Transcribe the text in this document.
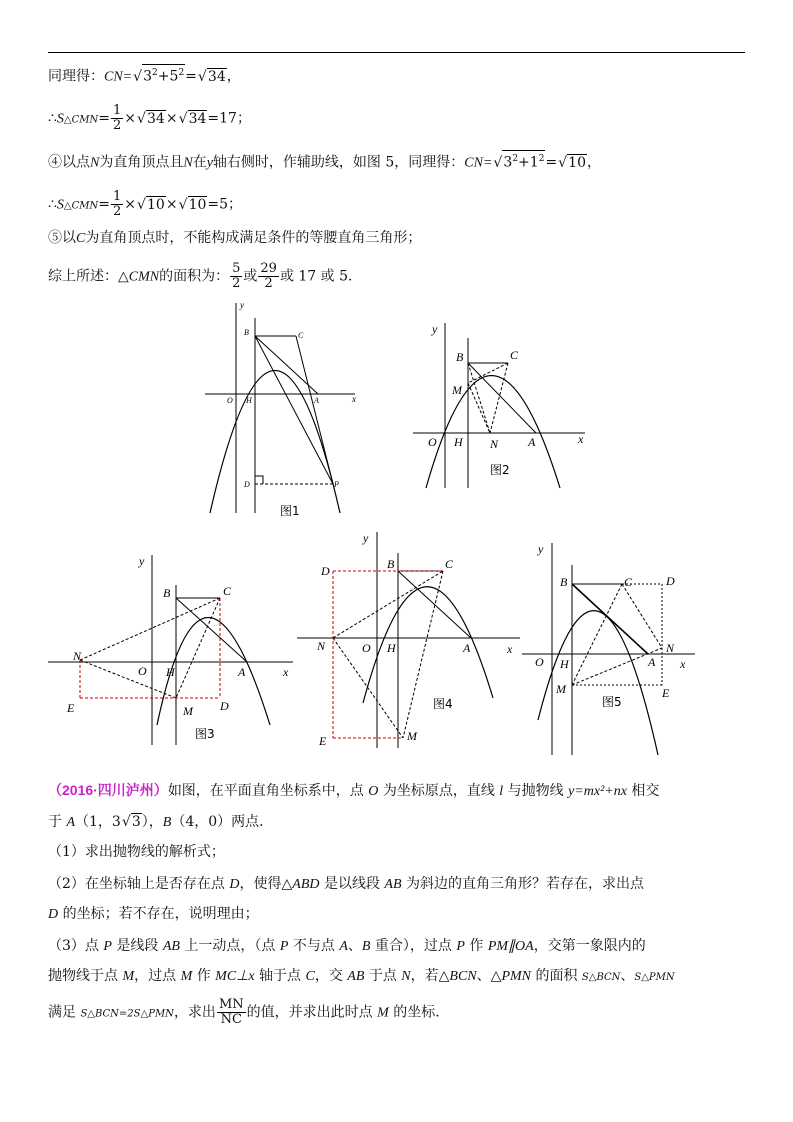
同理得：CN= √ $3^2+5^2=$ √ 34，
∴S△CMN= $\frac{1}{2}$ × √ 34× √ 34=17；
④以点N为直角顶点且N在y轴右侧时，作辅助线，如图 5，同理得：CN= √ $3^2+1^2=$ √ 10，
∴S△CMN= $\frac{1}{2}$ × √ 10× √ 10=5；
⑤以C为直角顶点时，不能构成满足条件的等腰直角三角形；
综上所述：△CMN的面积为： $\frac{5}{2}$ 或 $\frac{29}{2}$ 或 17 或 5．
x
y
B	C
O H	A
D	P
图1
x
y
B	C
M
O H N A
图2
x
y
B	C
N
O H	A
E	M D
图3
x
y
D	B	C
N	O H	A
E	M
图4
x
y
B	C	D
N
O H	A
M	E
图5
（2016·四川泸州）如图，在平面直角坐标系中，点 O 为坐标原点，直线 l 与抛物线 y=mx²+nx 相交
于 A（1，3 √ 3），B（4，0）两点．
（1）求出抛物线的解析式；
（2）在坐标轴上是否存在点 D，使得△ABD 是以线段 AB 为斜边的直角三角形？若存在，求出点
D 的坐标；若不存在，说明理由；
（3）点 P 是线段 AB 上一动点，（点 P 不与点 A、B 重合），过点 P 作 PM∥OA，交第一象限内的
抛物线于点 M，过点 M 作 MC⊥x 轴于点 C，交 AB 于点 N，若△BCN、△PMN 的面积 S△BCN、S△PMN
满足 S△BCN=2S△PMN，求出 $\frac{MN}{NC}$ 的值，并求出此时点 M 的坐标．
